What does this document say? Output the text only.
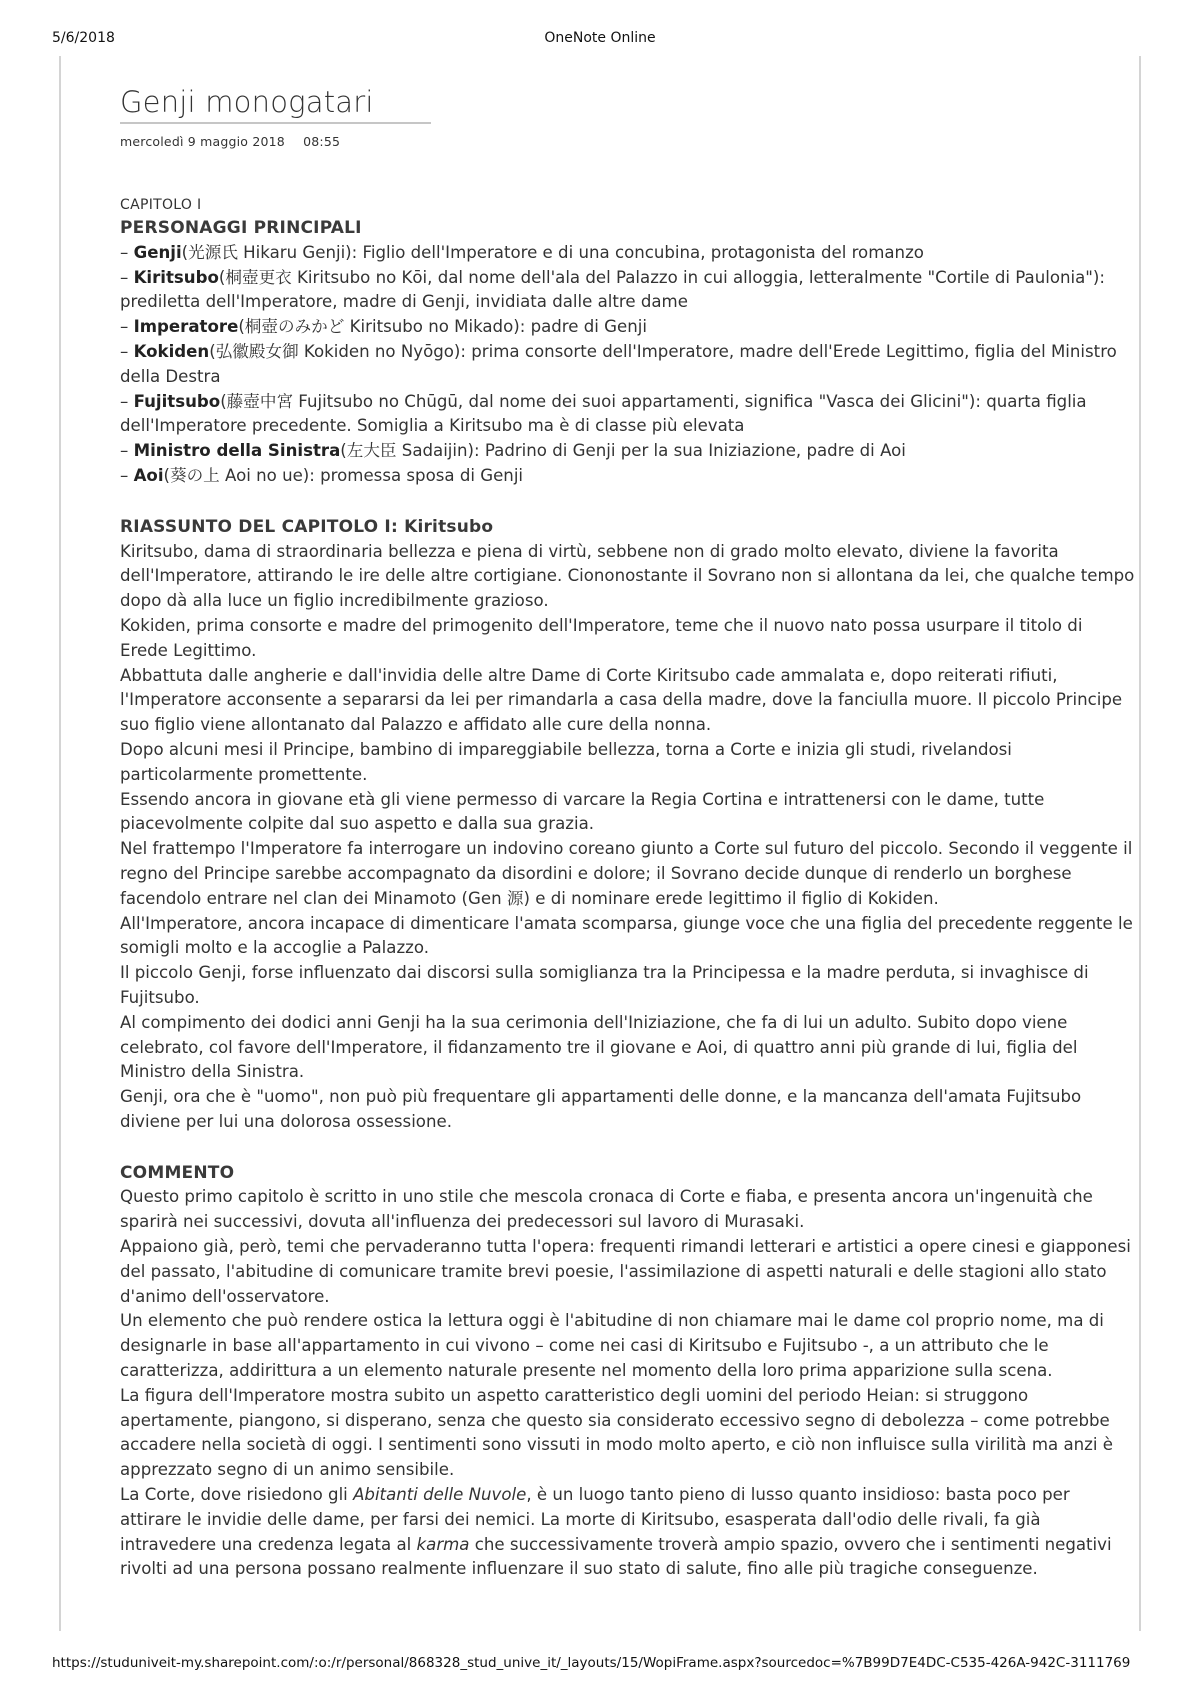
5/6/2018	OneNote Online
Genji monogatari
mercoledì 9 maggio 2018 08:55

CAPITOLO I

PERSONAGGI PRINCIPALI

– Genji(光源氏 Hikaru Genji): Figlio dell'Imperatore e di una concubina, protagonista del romanzo

– Kiritsubo(桐壺更衣 Kiritsubo no Kōi, dal nome dell'ala del Palazzo in cui alloggia, letteralmente "Cortile di Paulonia"): prediletta dell'Imperatore, madre di Genji, invidiata dalle altre dame

– Imperatore(桐壺のみかど Kiritsubo no Mikado): padre di Genji

– Kokiden(弘徽殿女御 Kokiden no Nyōgo): prima consorte dell'Imperatore, madre dell'Erede Legittimo, figlia del Ministro della Destra

– Fujitsubo(藤壺中宮 Fujitsubo no Chūgū, dal nome dei suoi appartamenti, significa "Vasca dei Glicini"): quarta figlia dell'Imperatore precedente. Somiglia a Kiritsubo ma è di classe più elevata

– Ministro della Sinistra(左大臣 Sadaijin): Padrino di Genji per la sua Iniziazione, padre di Aoi

– Aoi(葵の上 Aoi no ue): promessa sposa di Genji

RIASSUNTO DEL CAPITOLO I: Kiritsubo

Kiritsubo, dama di straordinaria bellezza e piena di virtù, sebbene non di grado molto elevato, diviene la favorita dell'Imperatore, attirando le ire delle altre cortigiane. Ciononostante il Sovrano non si allontana da lei, che qualche tempo dopo dà alla luce un figlio incredibilmente grazioso.

Kokiden, prima consorte e madre del primogenito dell'Imperatore, teme che il nuovo nato possa usurpare il titolo di Erede Legittimo.

Abbattuta dalle angherie e dall'invidia delle altre Dame di Corte Kiritsubo cade ammalata e, dopo reiterati rifiuti, l'Imperatore acconsente a separarsi da lei per rimandarla a casa della madre, dove la fanciulla muore. Il piccolo Principe suo figlio viene allontanato dal Palazzo e affidato alle cure della nonna.

Dopo alcuni mesi il Principe, bambino di impareggiabile bellezza, torna a Corte e inizia gli studi, rivelandosi particolarmente promettente.

Essendo ancora in giovane età gli viene permesso di varcare la Regia Cortina e intrattenersi con le dame, tutte piacevolmente colpite dal suo aspetto e dalla sua grazia.

Nel frattempo l'Imperatore fa interrogare un indovino coreano giunto a Corte sul futuro del piccolo. Secondo il veggente il regno del Principe sarebbe accompagnato da disordini e dolore; il Sovrano decide dunque di renderlo un borghese facendolo entrare nel clan dei Minamoto (Gen 源) e di nominare erede legittimo il figlio di Kokiden.

All'Imperatore, ancora incapace di dimenticare l'amata scomparsa, giunge voce che una figlia del precedente reggente le somigli molto e la accoglie a Palazzo.

Il piccolo Genji, forse influenzato dai discorsi sulla somiglianza tra la Principessa e la madre perduta, si invaghisce di Fujitsubo.

Al compimento dei dodici anni Genji ha la sua cerimonia dell'Iniziazione, che fa di lui un adulto. Subito dopo viene celebrato, col favore dell'Imperatore, il fidanzamento tre il giovane e Aoi, di quattro anni più grande di lui, figlia del Ministro della Sinistra.

Genji, ora che è "uomo", non può più frequentare gli appartamenti delle donne, e la mancanza dell'amata Fujitsubo diviene per lui una dolorosa ossessione.

COMMENTO

Questo primo capitolo è scritto in uno stile che mescola cronaca di Corte e fiaba, e presenta ancora un'ingenuità che sparirà nei successivi, dovuta all'influenza dei predecessori sul lavoro di Murasaki.

Appaiono già, però, temi che pervaderanno tutta l'opera: frequenti rimandi letterari e artistici a opere cinesi e giapponesi del passato, l'abitudine di comunicare tramite brevi poesie, l'assimilazione di aspetti naturali e delle stagioni allo stato d'animo dell'osservatore.

Un elemento che può rendere ostica la lettura oggi è l'abitudine di non chiamare mai le dame col proprio nome, ma di designarle in base all'appartamento in cui vivono – come nei casi di Kiritsubo e Fujitsubo -, a un attributo che le caratterizza, addirittura a un elemento naturale presente nel momento della loro prima apparizione sulla scena.

La figura dell'Imperatore mostra subito un aspetto caratteristico degli uomini del periodo Heian: si struggono apertamente, piangono, si disperano, senza che questo sia considerato eccessivo segno di debolezza – come potrebbe accadere nella società di oggi. I sentimenti sono vissuti in modo molto aperto, e ciò non influisce sulla virilità ma anzi è apprezzato segno di un animo sensibile.

La Corte, dove risiedono gli Abitanti delle Nuvole, è un luogo tanto pieno di lusso quanto insidioso: basta poco per attirare le invidie delle dame, per farsi dei nemici. La morte di Kiritsubo, esasperata dall'odio delle rivali, fa già intravedere una credenza legata al karma che successivamente troverà ampio spazio, ovvero che i sentimenti negativi rivolti ad una persona possano realmente influenzare il suo stato di salute, fino alle più tragiche conseguenze.

https://studuniveit-my.sharepoint.com/:o:/r/personal/868328_stud_unive_it/_layouts/15/WopiFrame.aspx?sourcedoc=%7B99D7E4DC-C535-426A-942C-3111769
